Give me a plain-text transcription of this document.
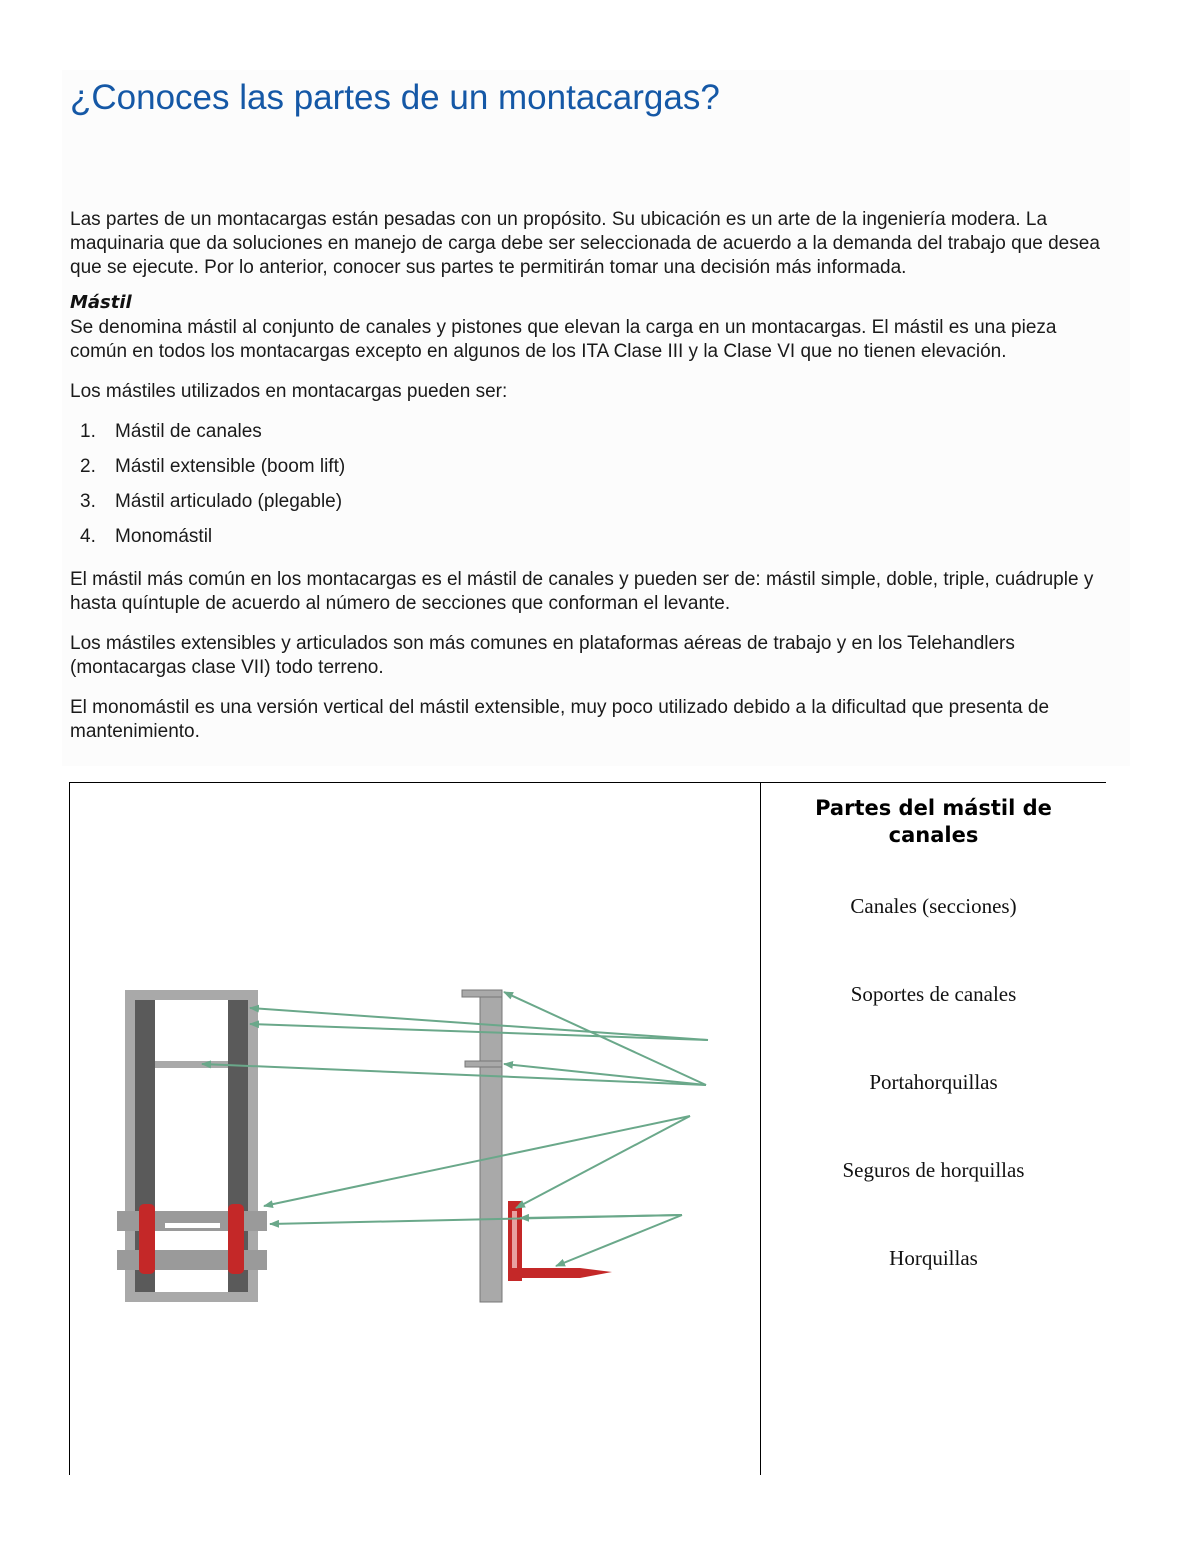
¿Conoces las partes de un montacargas?

Las partes de un montacargas están pesadas con un propósito. Su ubicación es un arte de la ingeniería modera. La maquinaria que da soluciones en manejo de carga debe ser seleccionada de acuerdo a la demanda del trabajo que desea que se ejecute. Por lo anterior, conocer sus partes te permitirán tomar una decisión más informada.

Mástil
Se denomina mástil al conjunto de canales y pistones que elevan la carga en un montacargas. El mástil es una pieza común en todos los montacargas excepto en algunos de los ITA Clase III y la Clase VI que no tienen elevación.

Los mástiles utilizados en montacargas pueden ser:

1. Mástil de canales
2. Mástil extensible (boom lift)
3. Mástil articulado (plegable)
4. Monomástil

El mástil más común en los montacargas es el mástil de canales y pueden ser de: mástil simple, doble, triple, cuádruple y hasta quíntuple de acuerdo al número de secciones que conforman el levante.

Los mástiles extensibles y articulados son más comunes en plataformas aéreas de trabajo y en los Telehandlers (montacargas clase VII) todo terreno.

El monomástil es una versión vertical del mástil extensible, muy poco utilizado debido a la dificultad que presenta de mantenimiento.

Partes del mástil de canales
Canales (secciones)
Soportes de canales
Portahorquillas
Seguros de horquillas
Horquillas
